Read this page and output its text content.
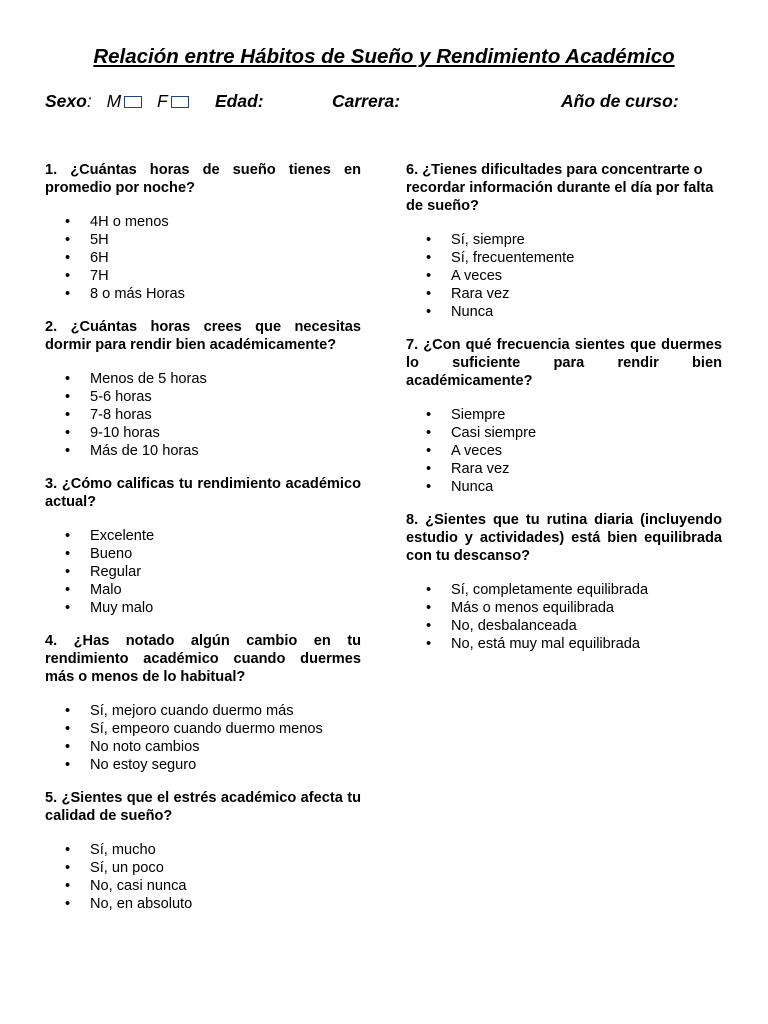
Relación entre Hábitos de Sueño y Rendimiento Académico
Sexo: M F	Edad:	Carrera:	Año de curso:

1. ¿Cuántas horas de sueño tienes en promedio por noche?

• 4H o menos
• 5H
• 6H
• 7H
• 8 o más Horas

2. ¿Cuántas horas crees que necesitas dormir para rendir bien académicamente?

• Menos de 5 horas
• 5-6 horas
• 7-8 horas
• 9-10 horas
• Más de 10 horas

3. ¿Cómo calificas tu rendimiento académico actual?

• Excelente
• Bueno
• Regular
• Malo
• Muy malo

4. ¿Has notado algún cambio en tu rendimiento académico cuando duermes más o menos de lo habitual?

• Sí, mejoro cuando duermo más
• Sí, empeoro cuando duermo menos
• No noto cambios
• No estoy seguro

5. ¿Sientes que el estrés académico afecta tu calidad de sueño?

• Sí, mucho
• Sí, un poco
• No, casi nunca
• No, en absoluto

6. ¿Tienes dificultades para concentrarte o recordar información durante el día por falta de sueño?

• Sí, siempre
• Sí, frecuentemente
• A veces
• Rara vez
• Nunca

7. ¿Con qué frecuencia sientes que duermes lo suficiente para rendir bien académicamente?

• Siempre
• Casi siempre
• A veces
• Rara vez
• Nunca

8. ¿Sientes que tu rutina diaria (incluyendo estudio y actividades) está bien equilibrada con tu descanso?

• Sí, completamente equilibrada
• Más o menos equilibrada
• No, desbalanceada
• No, está muy mal equilibrada
